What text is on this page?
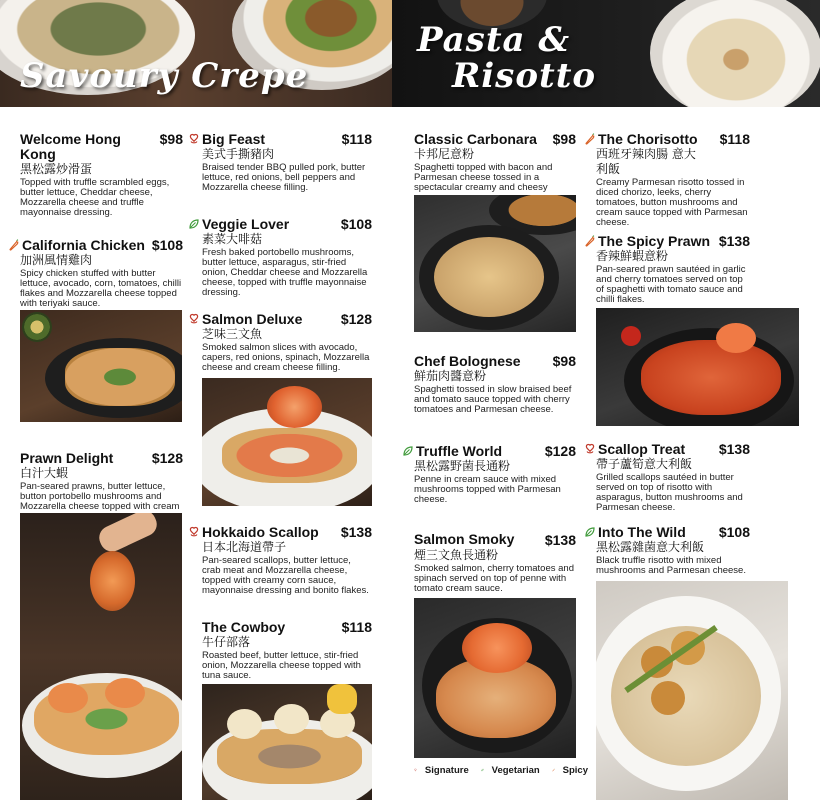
Savoury Crepe
Pasta &
Risotto
Welcome Hong Kong
$98
黑松露炒滑蛋
Topped with truffle scrambled eggs, butter lettuce, Cheddar cheese, Mozzarella cheese and truffle mayonnaise dressing.
California Chicken $108
加洲風情雞肉
Spicy chicken stuffed with butter lettuce, avocado, corn, tomatoes, chilli flakes and Mozzarella cheese topped with teriyaki sauce.
Prawn Delight	$128
白汁大蝦
Pan-seared prawns, butter lettuce, button portobello mushrooms and Mozzarella cheese topped with cream
Big Feast	$118
美式手撕豬肉
Braised tender BBQ pulled pork, butter lettuce, red onions, bell peppers and Mozzarella cheese filling.
Veggie Lover	$108
素菜大啡菇
Fresh baked portobello mushrooms, butter lettuce, asparagus, stir-fried onion, Cheddar cheese and Mozzarella cheese, topped with truffle mayonnaise dressing.
Salmon Deluxe	$128
芝味三文魚
Smoked salmon slices with avocado, capers, red onions, spinach, Mozzarella cheese and cream cheese filling.
Hokkaido Scallop $138
日本北海道帶子
Pan-seared scallops, butter lettuce, crab meat and Mozzarella cheese, topped with creamy corn sauce, mayonnaise dressing and bonito flakes.
The Cowboy	$118
牛仔部落
Roasted beef, butter lettuce, stir-fried onion, Mozzarella cheese topped with tuna sauce.
Classic Carbonara $98
卡邦尼意粉
Spaghetti topped with bacon and Parmesan cheese tossed in a spectacular creamy and cheesy
Chef Bolognese $98
鮮茄肉醬意粉
Spaghetti tossed in slow braised beef and tomato sauce topped with cherry tomatoes and Parmesan cheese.
Truffle World	$128
黑松露野菌長通粉
Penne in cream sauce with mixed mushrooms topped with Parmesan cheese.
Salmon Smoky $138
煙三文魚長通粉
Smoked salmon, cherry tomatoes and spinach served on top of penne with tomato cream sauce.
The Chorisotto $118
西班牙辣肉腸 意大利飯
Creamy Parmesan risotto tossed in diced chorizo, leeks, cherry tomatoes, button mushrooms and cream sauce topped with Parmesan cheese.
The Spicy Prawn $138
香辣鮮蝦意粉
Pan-seared prawn sautéed in garlic and cherry tomatoes served on top of spaghetti with tomato sauce and chilli flakes.
Scallop Treat $138
帶子蘆筍意大利飯
Grilled scallops sautéed in butter served on top of risotto with asparagus, button mushrooms and Parmesan cheese.
Into The Wild $108
黑松露雜菌意大利飯
Black truffle risotto with mixed mushrooms and Parmesan cheese.
Signature Vegetarian Spicy
